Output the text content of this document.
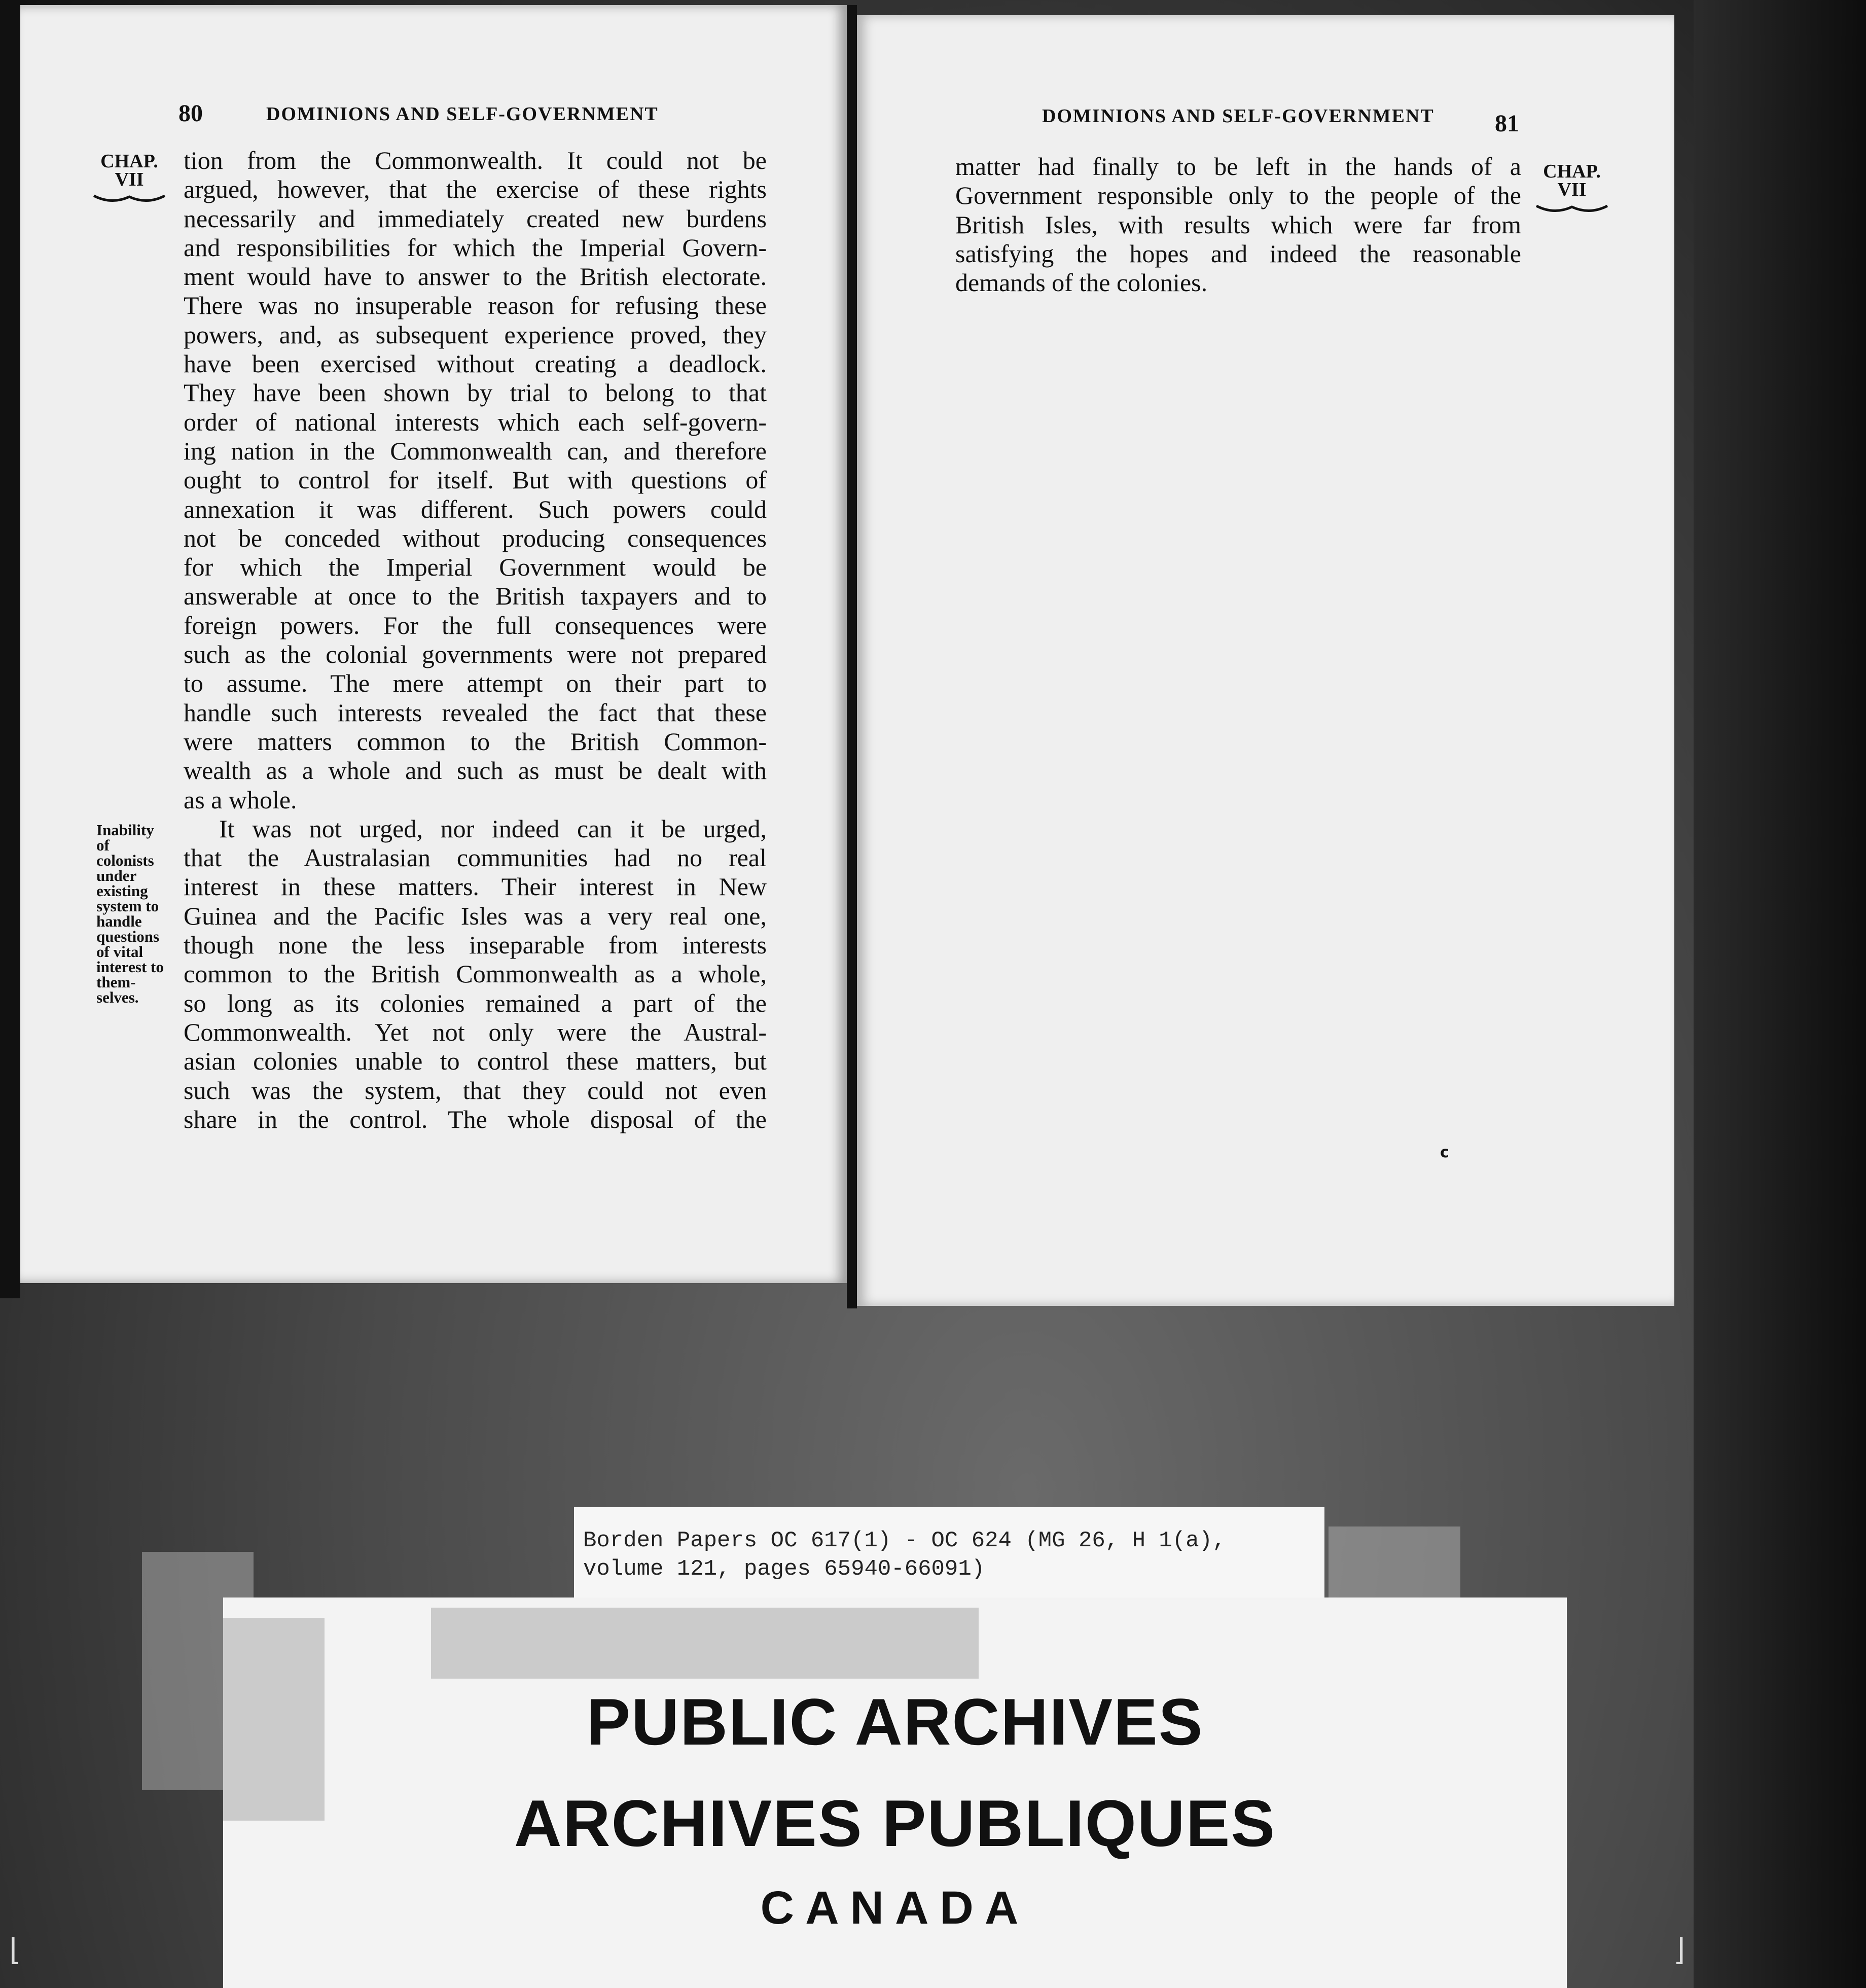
80	DOMINIONS AND SELF-GOVERNMENT
CHAP.
VII
tion from the Commonwealth. It could not be
argued, however, that the exercise of these rights
necessarily and immediately created new burdens
and responsibilities for which the Imperial Govern-
ment would have to answer to the British electorate.
There was no insuperable reason for refusing these
powers, and, as subsequent experience proved, they
have been exercised without creating a deadlock.
They have been shown by trial to belong to that
order of national interests which each self-govern-
ing nation in the Commonwealth can, and therefore
ought to control for itself. But with questions of
annexation it was different. Such powers could
not be conceded without producing consequences
for which the Imperial Government would be
answerable at once to the British taxpayers and to
foreign powers. For the full consequences were
such as the colonial governments were not prepared
to assume. The mere attempt on their part to
handle such interests revealed the fact that these
were matters common to the British Common-
wealth as a whole and such as must be dealt with
as a whole.
It was not urged, nor indeed can it be urged,
that the Australasian communities had no real
interest in these matters. Their interest in New
Guinea and the Pacific Isles was a very real one,
though none the less inseparable from interests
common to the British Commonwealth as a whole,
so long as its colonies remained a part of the
Commonwealth. Yet not only were the Austral-
asian colonies unable to control these matters, but
such was the system, that they could not even
share in the control. The whole disposal of the
Inability
of
colonists
under
existing
system to
handle
questions
of vital
interest to
them-
selves.
DOMINIONS AND SELF-GOVERNMENT 81
matter had finally to be left in the hands of a
Government responsible only to the people of the
British Isles, with results which were far from
satisfying the hopes and indeed the reasonable
demands of the colonies.
CHAP.
VII
c
Borden Papers OC 617(1) - OC 624 (MG 26, H 1(a),
volume 121, pages 65940-66091)
PUBLIC ARCHIVES
ARCHIVES PUBLIQUES
CANADA
⌊	⌋
